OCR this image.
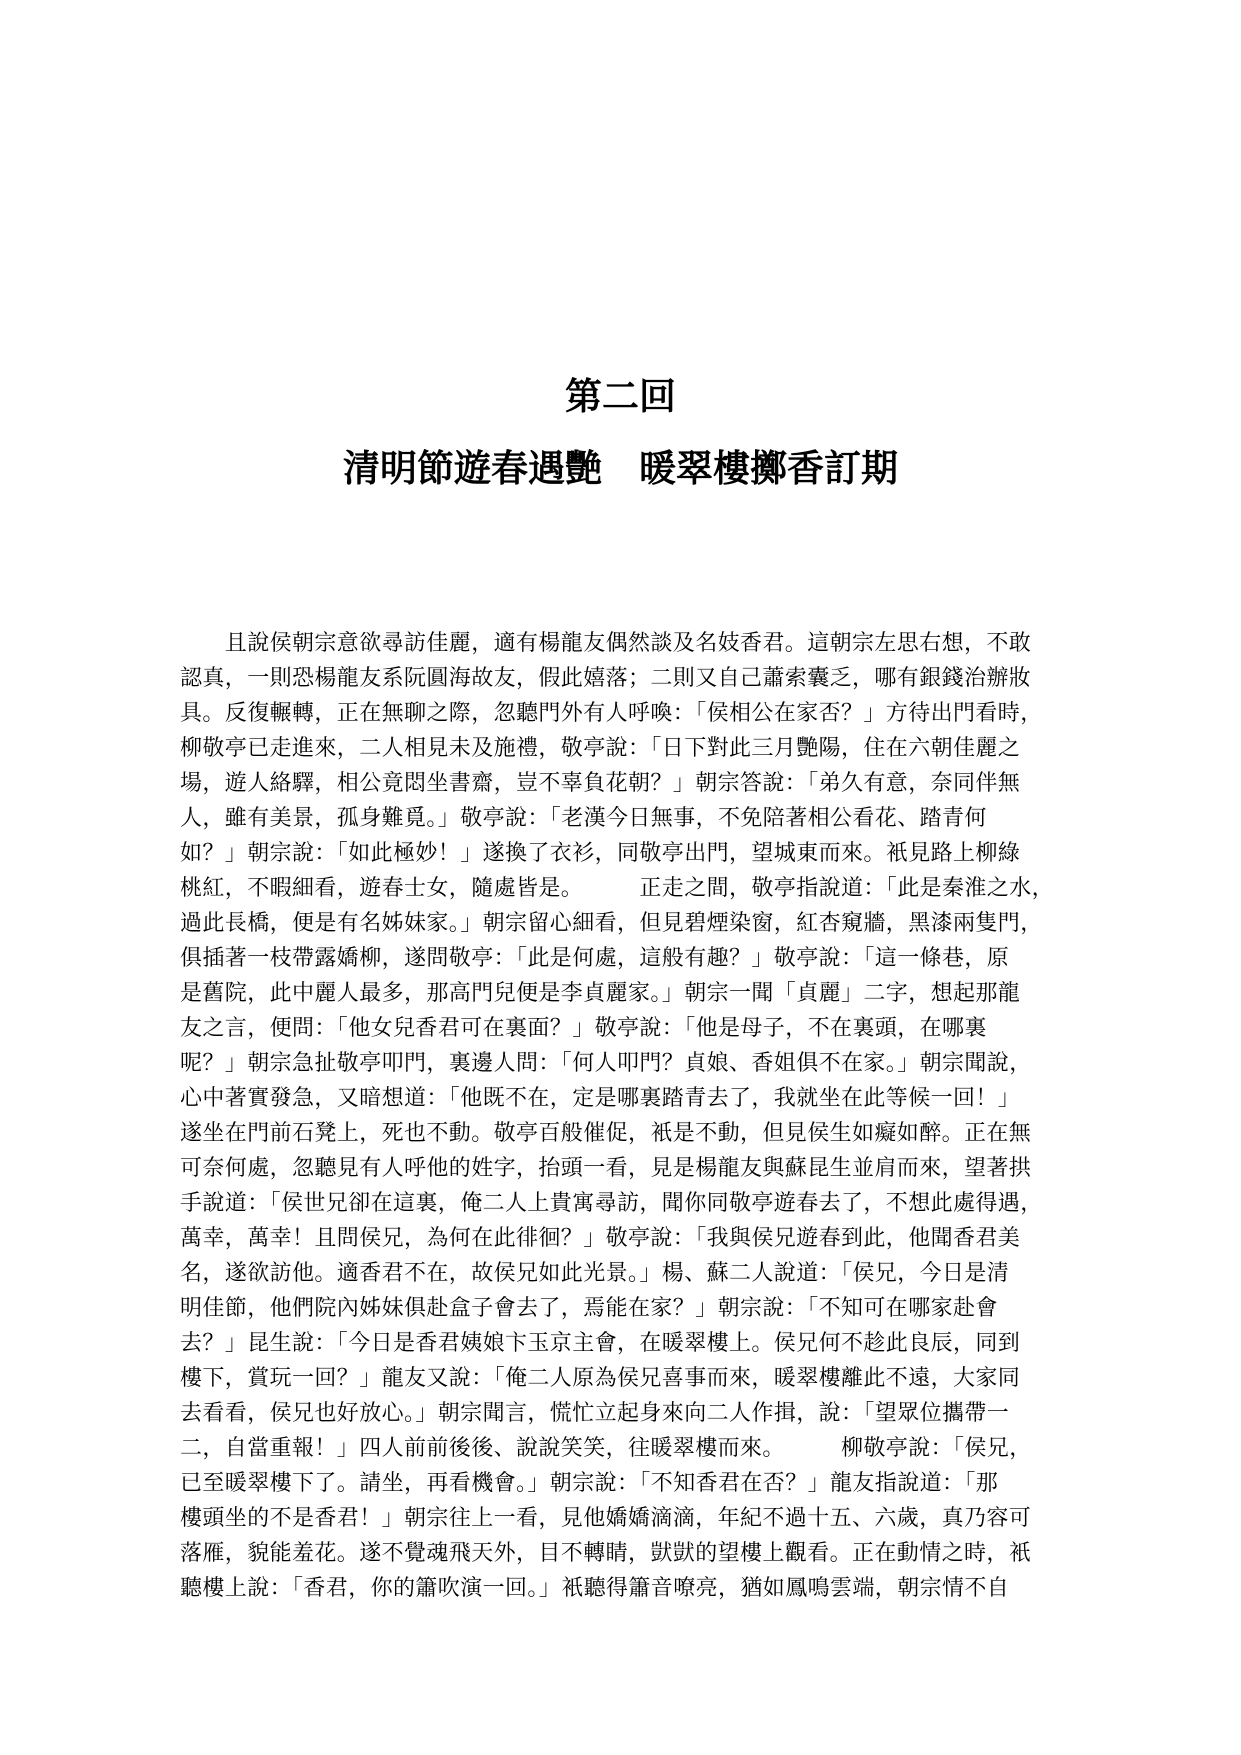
第二回
清明節遊春遇艷　暖翠樓擲香訂期
　　且說侯朝宗意欲尋訪佳麗，適有楊龍友偶然談及名妓香君。這朝宗左思右想，不敢
認真，一則恐楊龍友系阮圓海故友，假此嬉落；二則又自己蕭索囊乏，哪有銀錢治辦妝
具。反復輾轉，正在無聊之際，忽聽門外有人呼喚：「侯相公在家否？」方待出門看時，
柳敬亭已走進來，二人相見未及施禮，敬亭說：「日下對此三月艷陽，住在六朝佳麗之
場，遊人絡驛，相公竟悶坐書齋，豈不辜負花朝？」朝宗答說：「弟久有意，奈同伴無
人，雖有美景，孤身難覓。」敬亭說：「老漢今日無事，不免陪著相公看花、踏青何
如？」朝宗說：「如此極妙！」遂換了衣衫，同敬亭出門，望城東而來。衹見路上柳綠
桃紅，不暇細看，遊春士女，隨處皆是。　　　正走之間，敬亭指說道：「此是秦淮之水，
過此長橋，便是有名姊妹家。」朝宗留心細看，但見碧煙染窗，紅杏窺牆，黑漆兩隻門，
俱插著一枝帶露嬌柳，遂問敬亭：「此是何處，這般有趣？」敬亭說：「這一條巷，原
是舊院，此中麗人最多，那高門兒便是李貞麗家。」朝宗一聞「貞麗」二字，想起那龍
友之言，便問：「他女兒香君可在裏面？」敬亭說：「他是母子，不在裏頭，在哪裏
呢？」朝宗急扯敬亭叩門，裏邊人問：「何人叩門？貞娘、香姐俱不在家。」朝宗聞說，
心中著實發急，又暗想道：「他既不在，定是哪裏踏青去了，我就坐在此等候一回！」
遂坐在門前石凳上，死也不動。敬亭百般催促，衹是不動，但見侯生如癡如醉。正在無
可奈何處，忽聽見有人呼他的姓字，抬頭一看，見是楊龍友與蘇昆生並肩而來，望著拱
手說道：「侯世兄卻在這裏，俺二人上貴寓尋訪，聞你同敬亭遊春去了，不想此處得遇，
萬幸，萬幸！且問侯兄，為何在此徘徊？」敬亭說：「我與侯兄遊春到此，他聞香君美
名，遂欲訪他。適香君不在，故侯兄如此光景。」楊、蘇二人說道：「侯兄，今日是清
明佳節，他們院內姊妹俱赴盒子會去了，焉能在家？」朝宗說：「不知可在哪家赴會
去？」昆生說：「今日是香君姨娘卞玉京主會，在暖翠樓上。侯兄何不趁此良辰，同到
樓下，賞玩一回？」龍友又說：「俺二人原為侯兄喜事而來，暖翠樓離此不遠，大家同
去看看，侯兄也好放心。」朝宗聞言，慌忙立起身來向二人作揖，說：「望眾位攜帶一
二，自當重報！」四人前前後後、說說笑笑，往暖翠樓而來。　　　柳敬亭說：「侯兄，
已至暖翠樓下了。請坐，再看機會。」朝宗說：「不知香君在否？」龍友指說道：「那
樓頭坐的不是香君！」朝宗往上一看，見他嬌嬌滴滴，年紀不過十五、六歲，真乃容可
落雁，貌能羞花。遂不覺魂飛天外，目不轉睛，獃獃的望樓上觀看。正在動情之時，衹
聽樓上說：「香君，你的簫吹演一回。」衹聽得簫音嘹亮，猶如鳳鳴雲端，朝宗情不自
